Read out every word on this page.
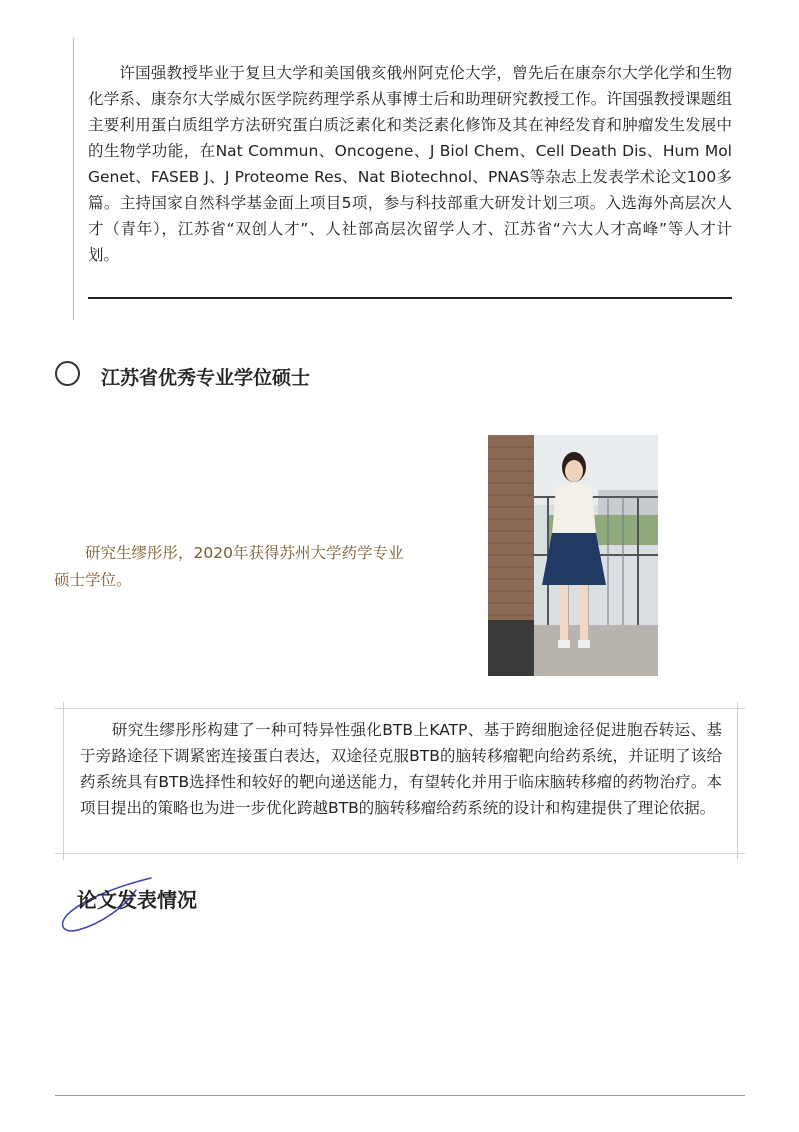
　　许国强教授毕业于复旦大学和美国俄亥俄州阿克伦大学，曾先后在康奈尔大学化学和生物化学系、康奈尔大学威尔医学院药理学系从事博士后和助理研究教授工作。许国强教授课题组主要利用蛋白质组学方法研究蛋白质泛素化和类泛素化修饰及其在神经发育和肿瘤发生发展中的生物学功能，在Nat Commun、Oncogene、J Biol Chem、Cell Death Dis、Hum Mol Genet、FASEB J、J Proteome Res、Nat Biotechnol、PNAS等杂志上发表学术论文100多篇。主持国家自然科学基金面上项目5项，参与科技部重大研发计划三项。入选海外高层次人才（青年），江苏省“双创人才”、人社部高层次留学人才、江苏省“六大人才高峰”等人才计划。

江苏省优秀专业学位硕士

　　研究生缪彤彤，2020年获得苏州大学药学专业硕士学位。

　　研究生缪彤彤构建了一种可特异性强化BTB上KATP、基于跨细胞途径促进胞吞转运、基于旁路途径下调紧密连接蛋白表达，双途径克服BTB的脑转移瘤靶向给药系统，并证明了该给药系统具有BTB选择性和较好的靶向递送能力，有望转化并用于临床脑转移瘤的药物治疗。本项目提出的策略也为进一步优化跨越BTB的脑转移瘤给药系统的设计和构建提供了理论依据。

论文发表情况
